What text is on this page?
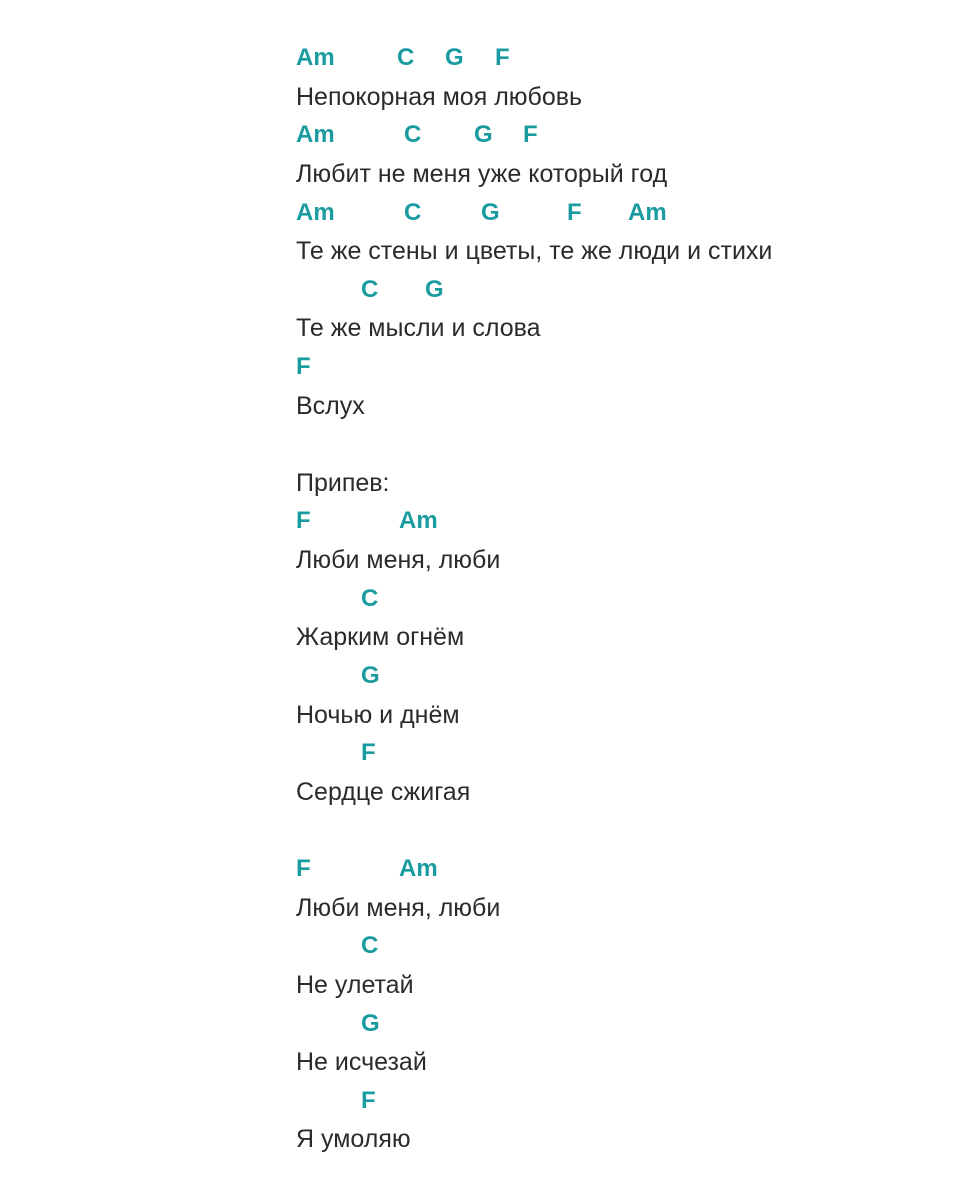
Am	C G F
Непокорная моя любовь
Am	C G F
Любит не меня уже который год
Am	C G	F Am
Те же стены и цветы, те же люди и стихи
C G
Те же мысли и слова
F
Вслух
Припев:
F	Am
Люби меня, люби
C
Жарким огнём
G
Ночью и днём
F
Сердце сжигая
F	Am
Люби меня, люби
C
Не улетай
G
Не исчезай
F
Я умоляю
